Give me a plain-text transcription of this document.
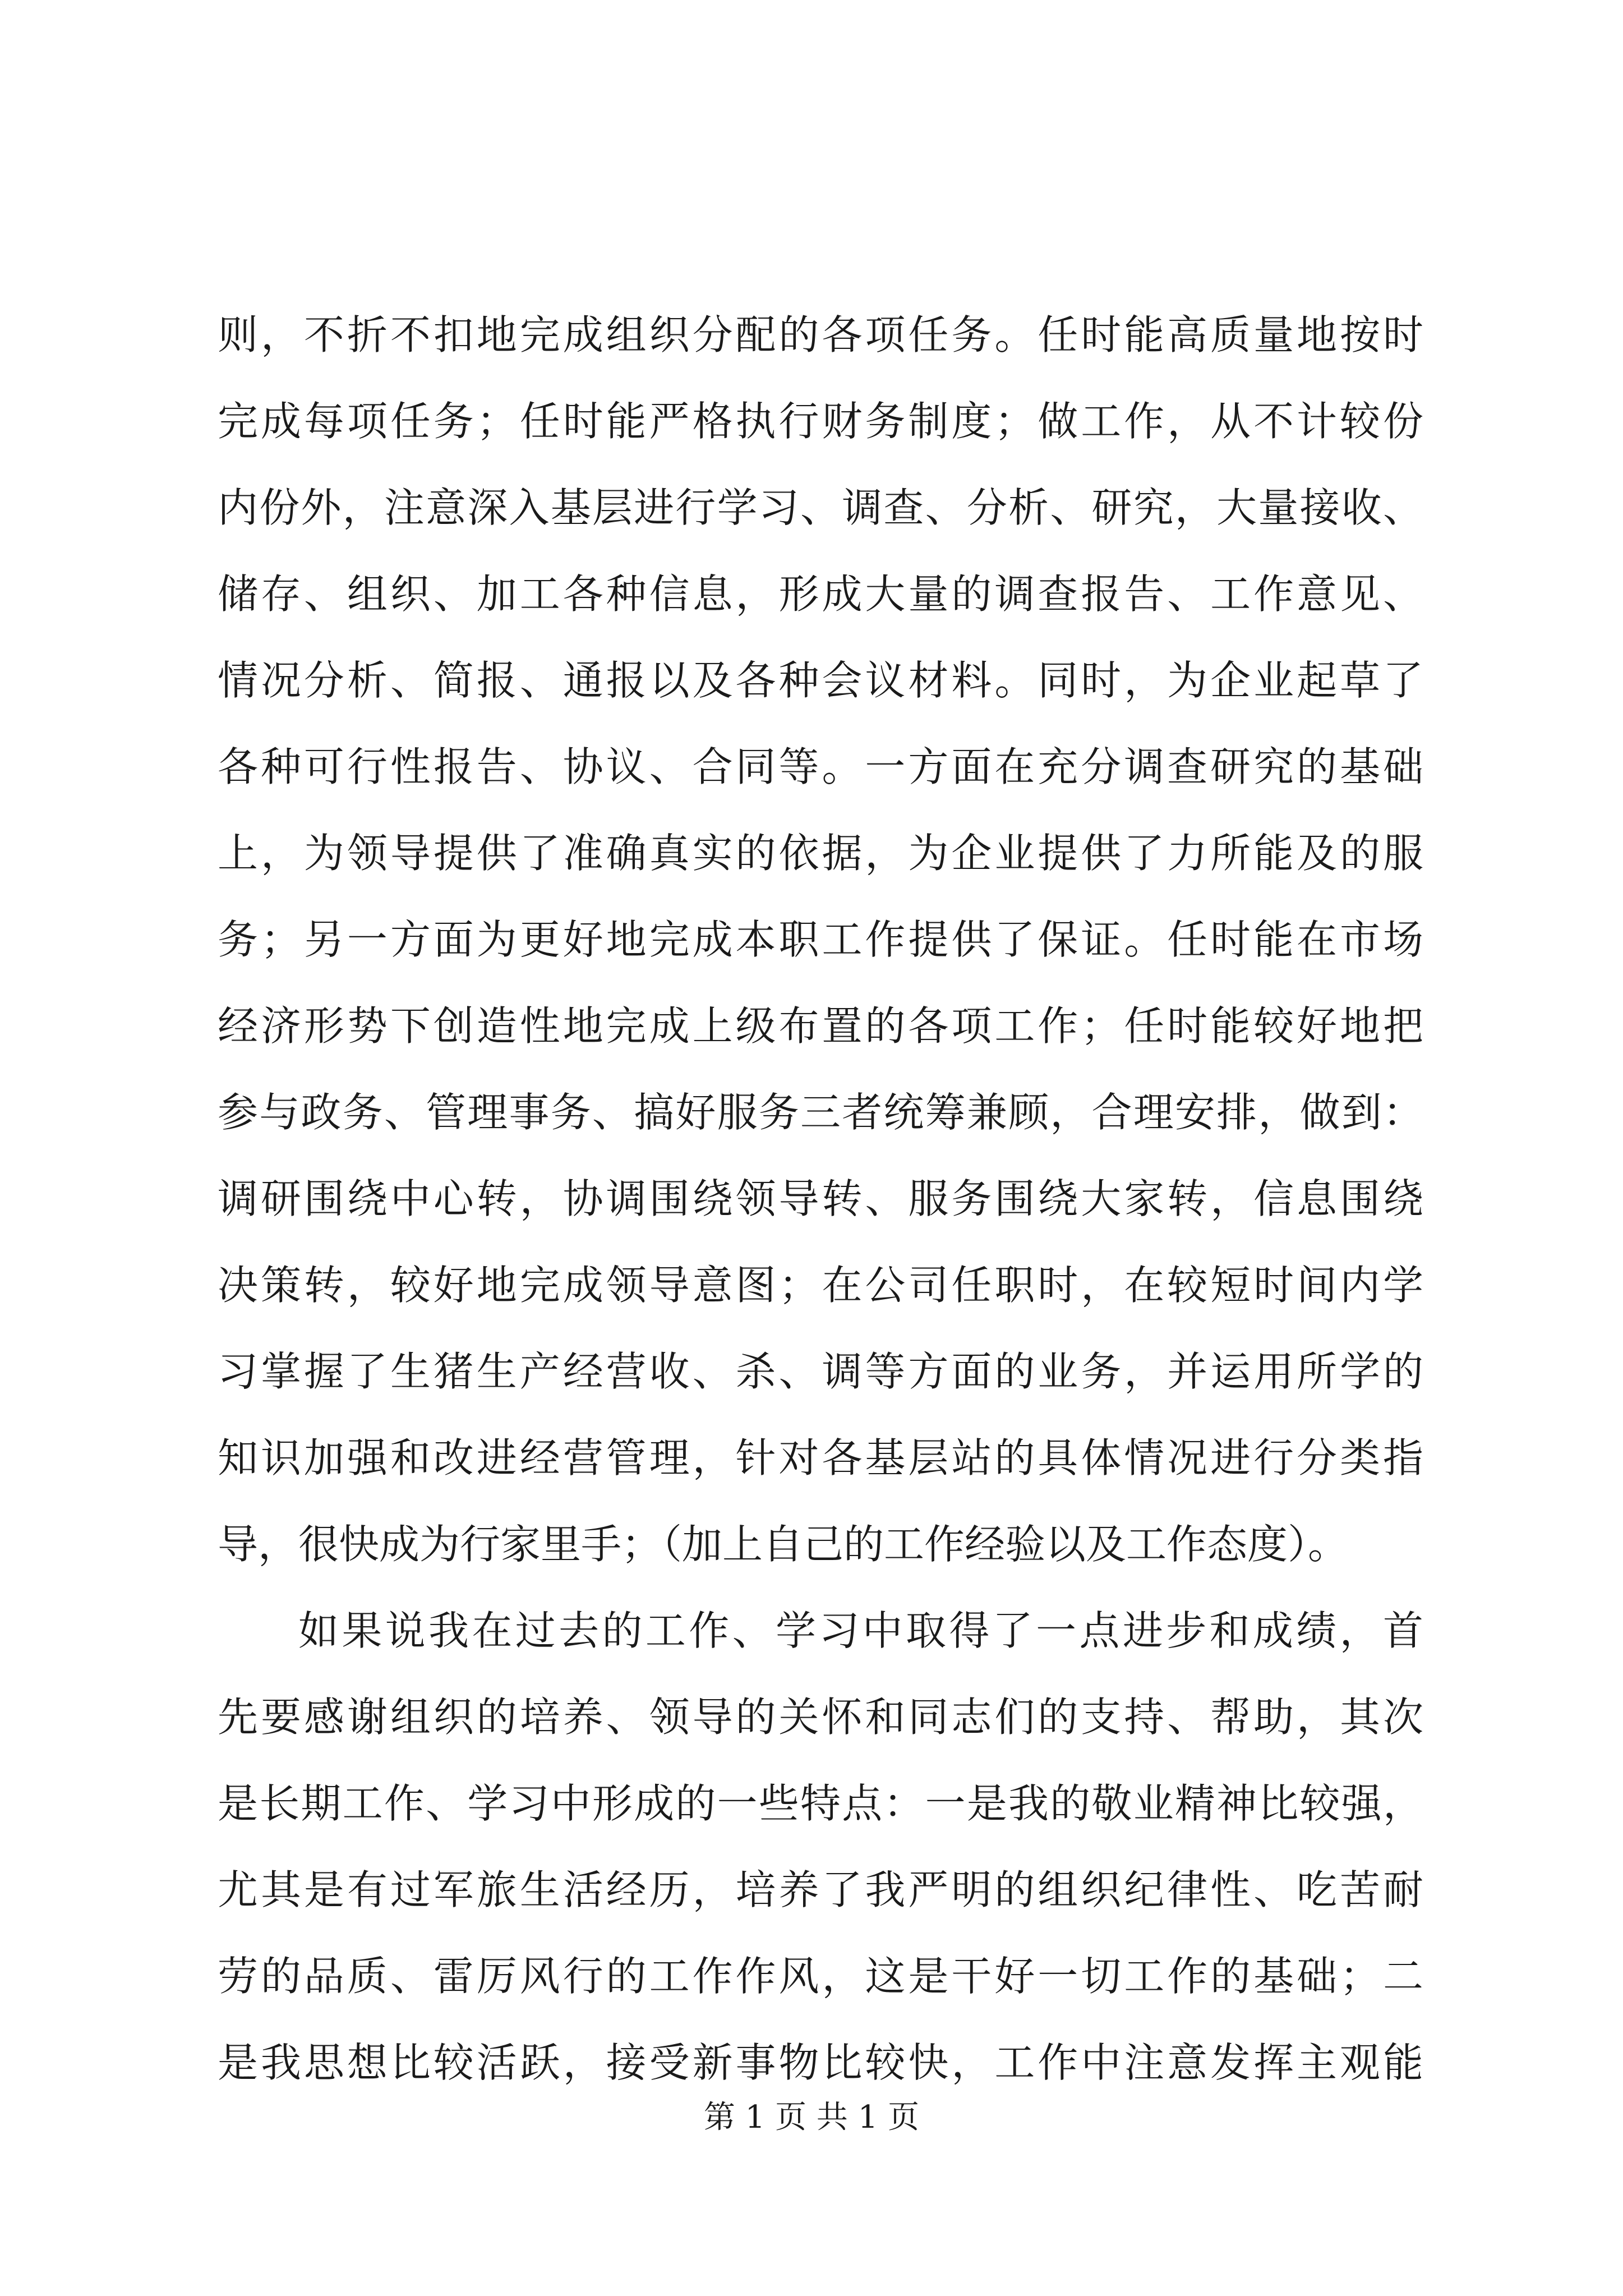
则，不折不扣地完成组织分配的各项任务。任时能高质量地按时
完成每项任务；任时能严格执行财务制度；做工作，从不计较份
内份外，注意深入基层进行学习、调查、分析、研究，大量接收、
储存、组织、加工各种信息，形成大量的调查报告、工作意见、
情况分析、简报、通报以及各种会议材料。同时，为企业起草了
各种可行性报告、协议、合同等。一方面在充分调查研究的基础
上，为领导提供了准确真实的依据，为企业提供了力所能及的服
务；另一方面为更好地完成本职工作提供了保证。任时能在市场
经济形势下创造性地完成上级布置的各项工作；任时能较好地把
参与政务、管理事务、搞好服务三者统筹兼顾，合理安排，做到：
调研围绕中心转，协调围绕领导转、服务围绕大家转，信息围绕
决策转，较好地完成领导意图；在公司任职时，在较短时间内学
习掌握了生猪生产经营收、杀、调等方面的业务，并运用所学的
知识加强和改进经营管理，针对各基层站的具体情况进行分类指
导，很快成为行家里手；（加上自己的工作经验以及工作态度）。

如果说我在过去的工作、学习中取得了一点进步和成绩，首
先要感谢组织的培养、领导的关怀和同志们的支持、帮助，其次
是长期工作、学习中形成的一些特点：一是我的敬业精神比较强，
尤其是有过军旅生活经历，培养了我严明的组织纪律性、吃苦耐
劳的品质、雷厉风行的工作作风，这是干好一切工作的基础；二
是我思想比较活跃，接受新事物比较快，工作中注意发挥主观能

第 1 页 共 1 页
